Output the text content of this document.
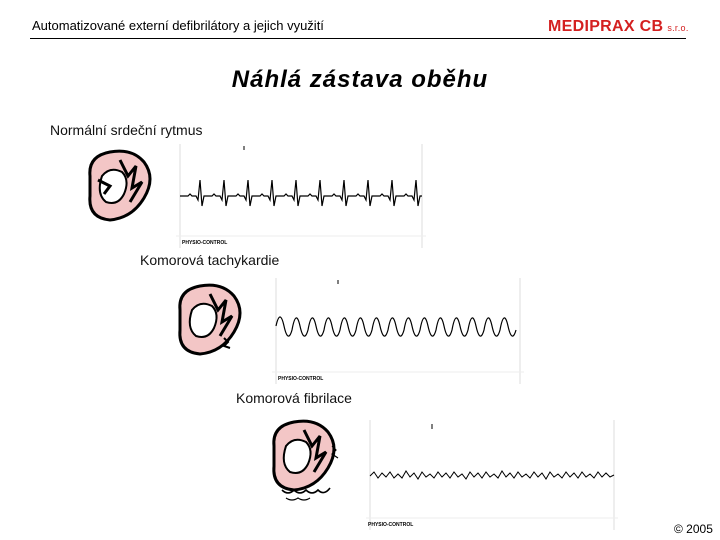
Automatizované externí defibrilátory a jejich využití	MEDIPRAX CB s.r.o.
Náhlá zástava oběhu
Normální srdeční rytmus
PHYSIO-CONTROL
Komorová tachykardie
PHYSIO-CONTROL
Komorová fibrilace
PHYSIO-CONTROL	© 2005
